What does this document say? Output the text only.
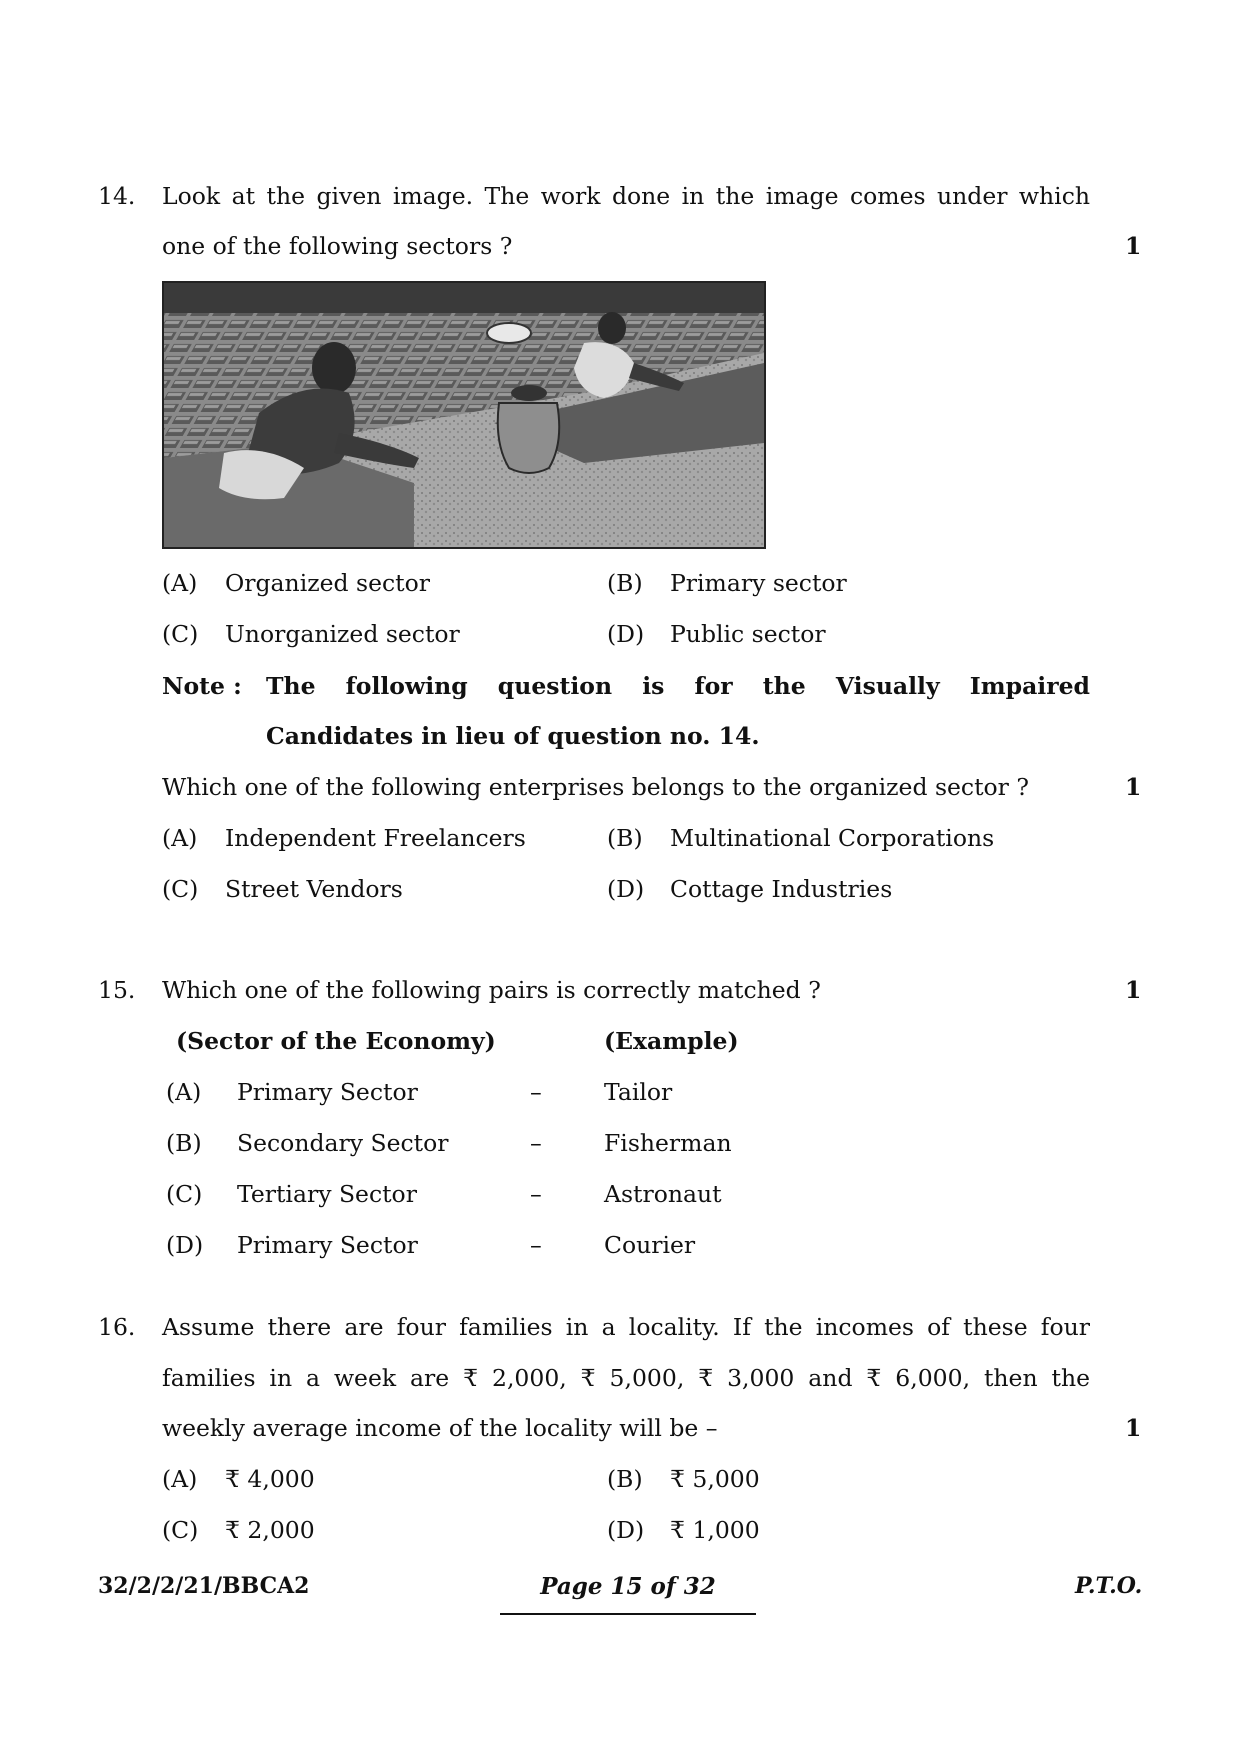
14. Look at the given image. The work done in the image comes under which
one of the following sectors ?	1
(A) Organized sector	(B) Primary sector
(C) Unorganized sector	(D) Public sector
Note : The following question is for the Visually Impaired
Candidates in lieu of question no. 14.
Which one of the following enterprises belongs to the organized sector ?	1
(A) Independent Freelancers	(B) Multinational Corporations
(C) Street Vendors	(D) Cottage Industries
15. Which one of the following pairs is correctly matched ?	1
(Sector of the Economy)	(Example)
(A) Primary Sector	–	Tailor
(B) Secondary Sector	–	Fisherman
(C) Tertiary Sector	–	Astronaut
(D) Primary Sector	–	Courier
16. Assume there are four families in a locality. If the incomes of these four
families in a week are ₹ 2,000, ₹ 5,000, ₹ 3,000 and ₹ 6,000, then the
weekly average income of the locality will be –	1
(A) ₹ 4,000	(B) ₹ 5,000
(C) ₹ 2,000	(D) ₹ 1,000
32/2/2/21/BBCA2	Page 15 of 32	P.T.O.
